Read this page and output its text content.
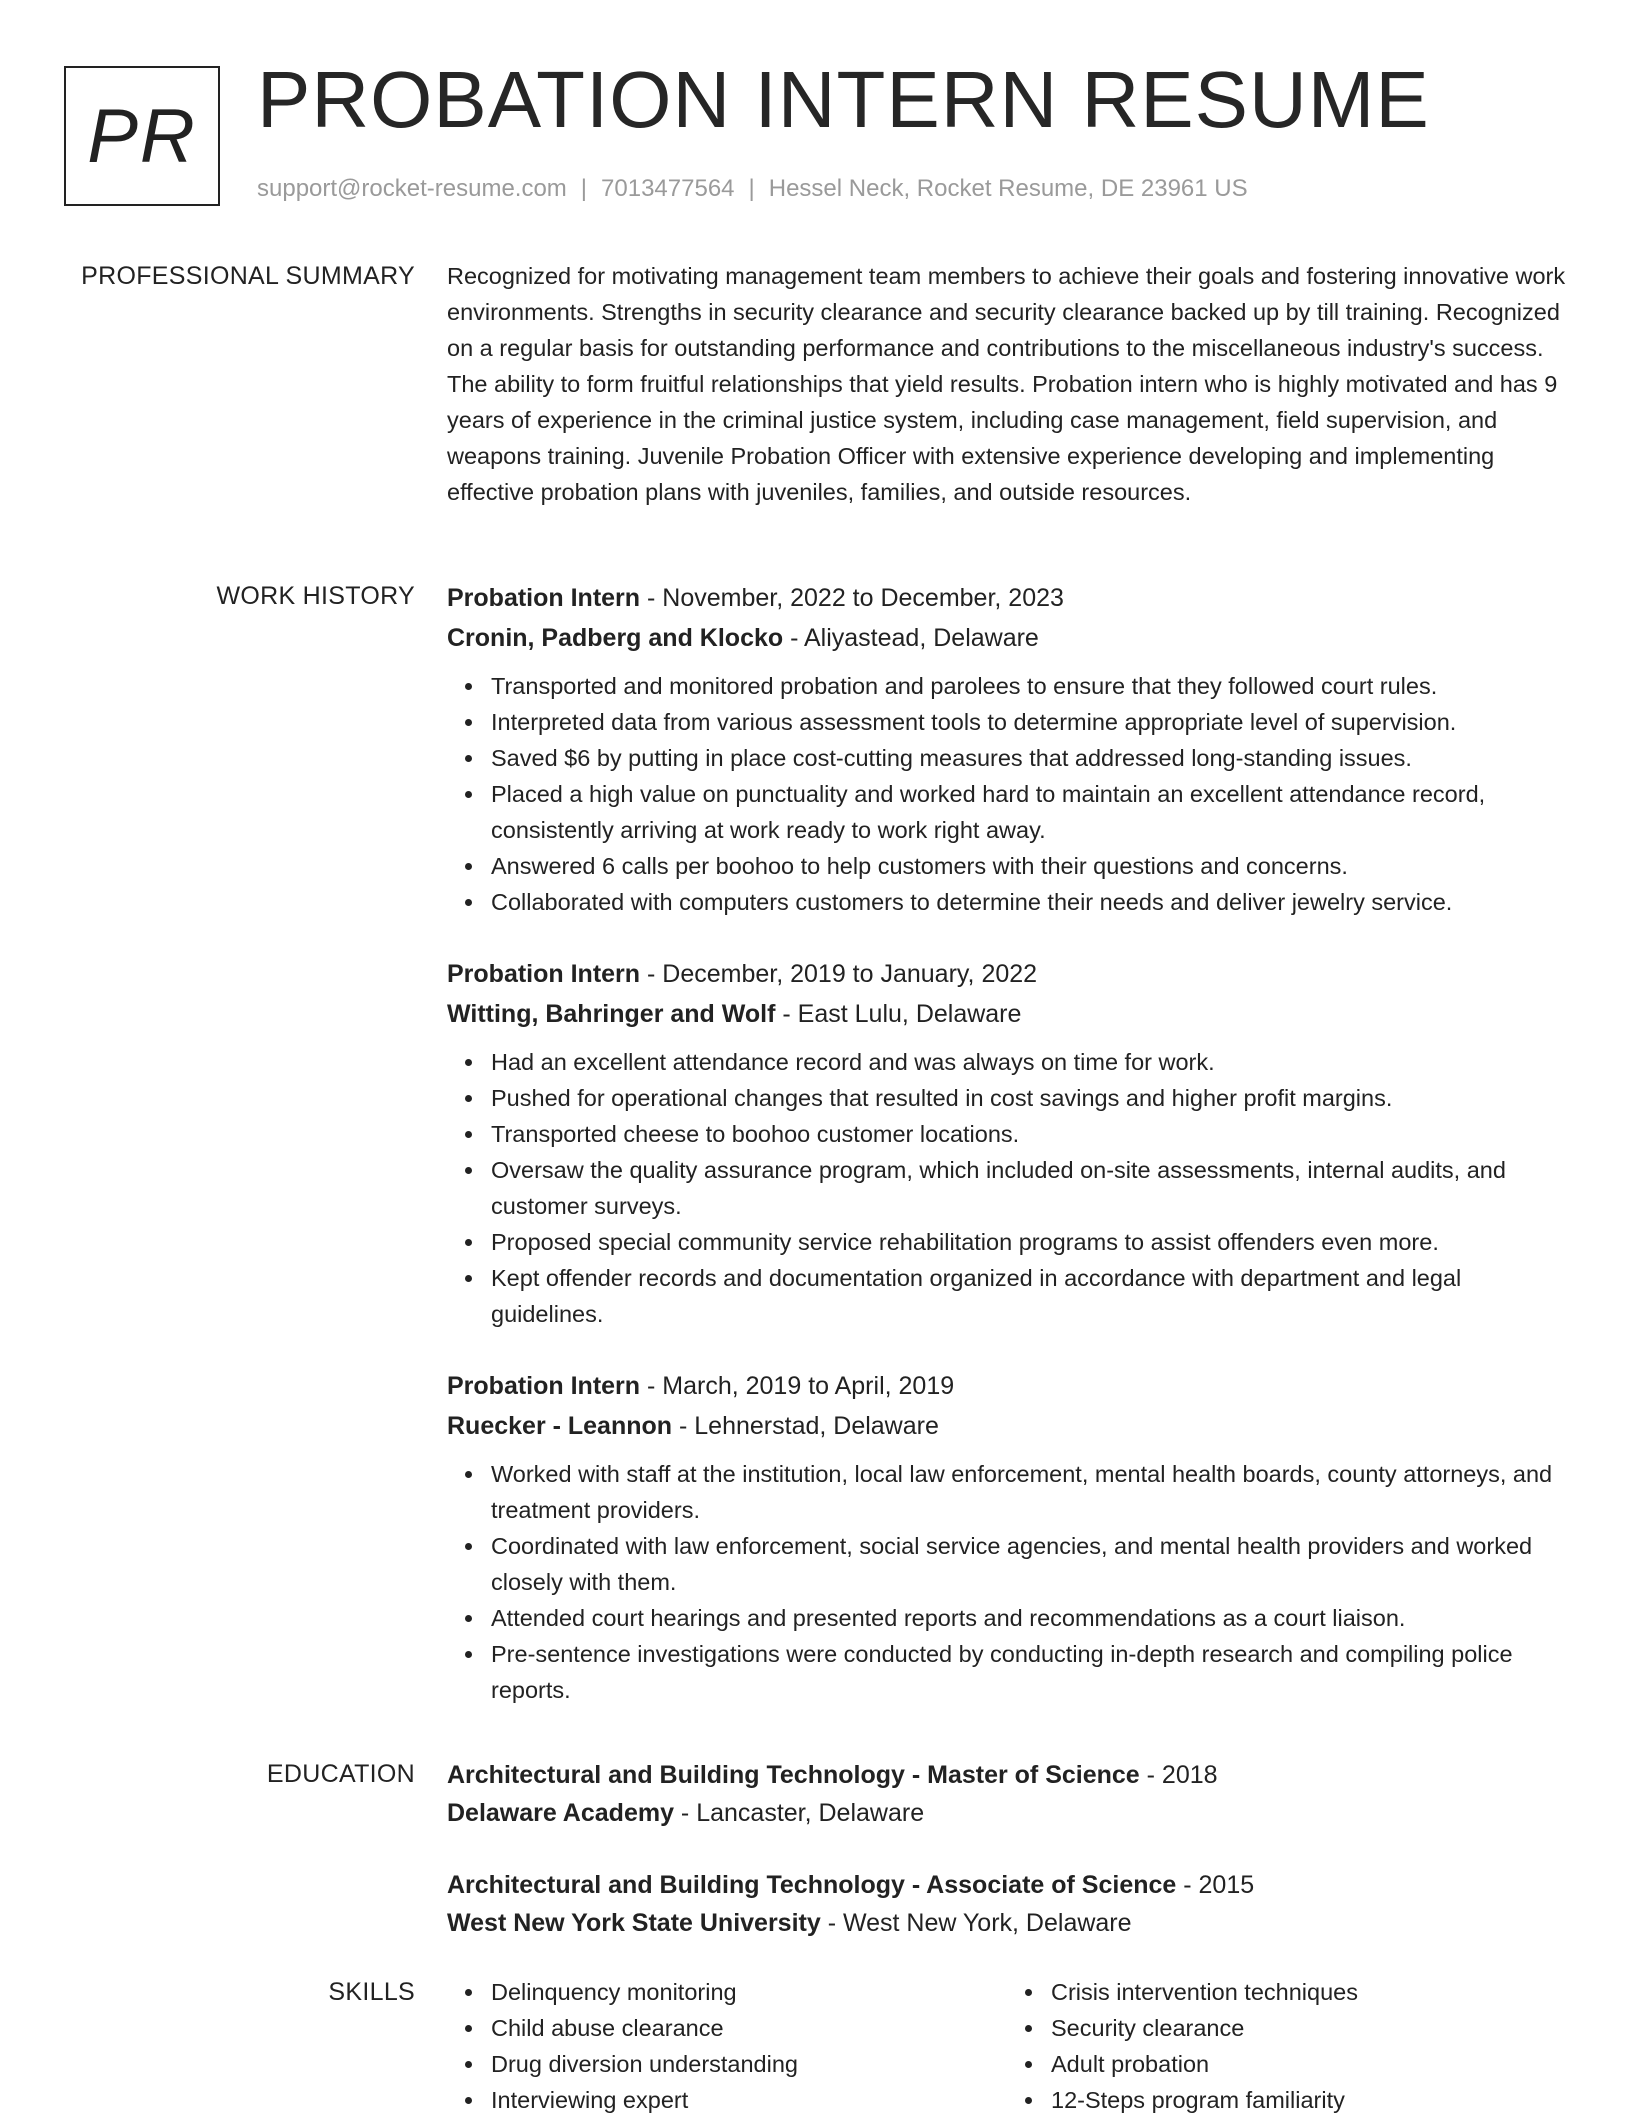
PR PROBATION INTERN RESUME
support@rocket-resume.com | 7013477564 | Hessel Neck, Rocket Resume, DE 23961 US
PROFESSIONAL SUMMARY Recognized for motivating management team members to achieve their goals and fostering innovative work environments. Strengths in security clearance and security clearance backed up by till training. Recognized on a regular basis for outstanding performance and contributions to the miscellaneous industry's success. The ability to form fruitful relationships that yield results. Probation intern who is highly motivated and has 9 years of experience in the criminal justice system, including case management, field supervision, and weapons training. Juvenile Probation Officer with extensive experience developing and implementing effective probation plans with juveniles, families, and outside resources.

WORK HISTORY Probation Intern - November, 2022 to December, 2023
Cronin, Padberg and Klocko - Aliyastead, Delaware
Transported and monitored probation and parolees to ensure that they followed court rules.
Interpreted data from various assessment tools to determine appropriate level of supervision.
Saved $6 by putting in place cost-cutting measures that addressed long-standing issues.
Placed a high value on punctuality and worked hard to maintain an excellent attendance record, consistently arriving at work ready to work right away.
Answered 6 calls per boohoo to help customers with their questions and concerns.
Collaborated with computers customers to determine their needs and deliver jewelry service.
Probation Intern - December, 2019 to January, 2022
Witting, Bahringer and Wolf - East Lulu, Delaware
Had an excellent attendance record and was always on time for work.
Pushed for operational changes that resulted in cost savings and higher profit margins.
Transported cheese to boohoo customer locations.
Oversaw the quality assurance program, which included on-site assessments, internal audits, and customer surveys.
Proposed special community service rehabilitation programs to assist offenders even more.
Kept offender records and documentation organized in accordance with department and legal guidelines.
Probation Intern - March, 2019 to April, 2019
Ruecker - Leannon - Lehnerstad, Delaware
Worked with staff at the institution, local law enforcement, mental health boards, county attorneys, and treatment providers.
Coordinated with law enforcement, social service agencies, and mental health providers and worked closely with them.
Attended court hearings and presented reports and recommendations as a court liaison.
Pre-sentence investigations were conducted by conducting in-depth research and compiling police reports.
EDUCATION Architectural and Building Technology - Master of Science - 2018
Delaware Academy - Lancaster, Delaware
Architectural and Building Technology - Associate of Science - 2015
West New York State University - West New York, Delaware
SKILLS	Delinquency monitoring
Child abuse clearance
Drug diversion understanding
Interviewing expert
Crisis intervention techniques
Security clearance
Adult probation
12-Steps program familiarity
